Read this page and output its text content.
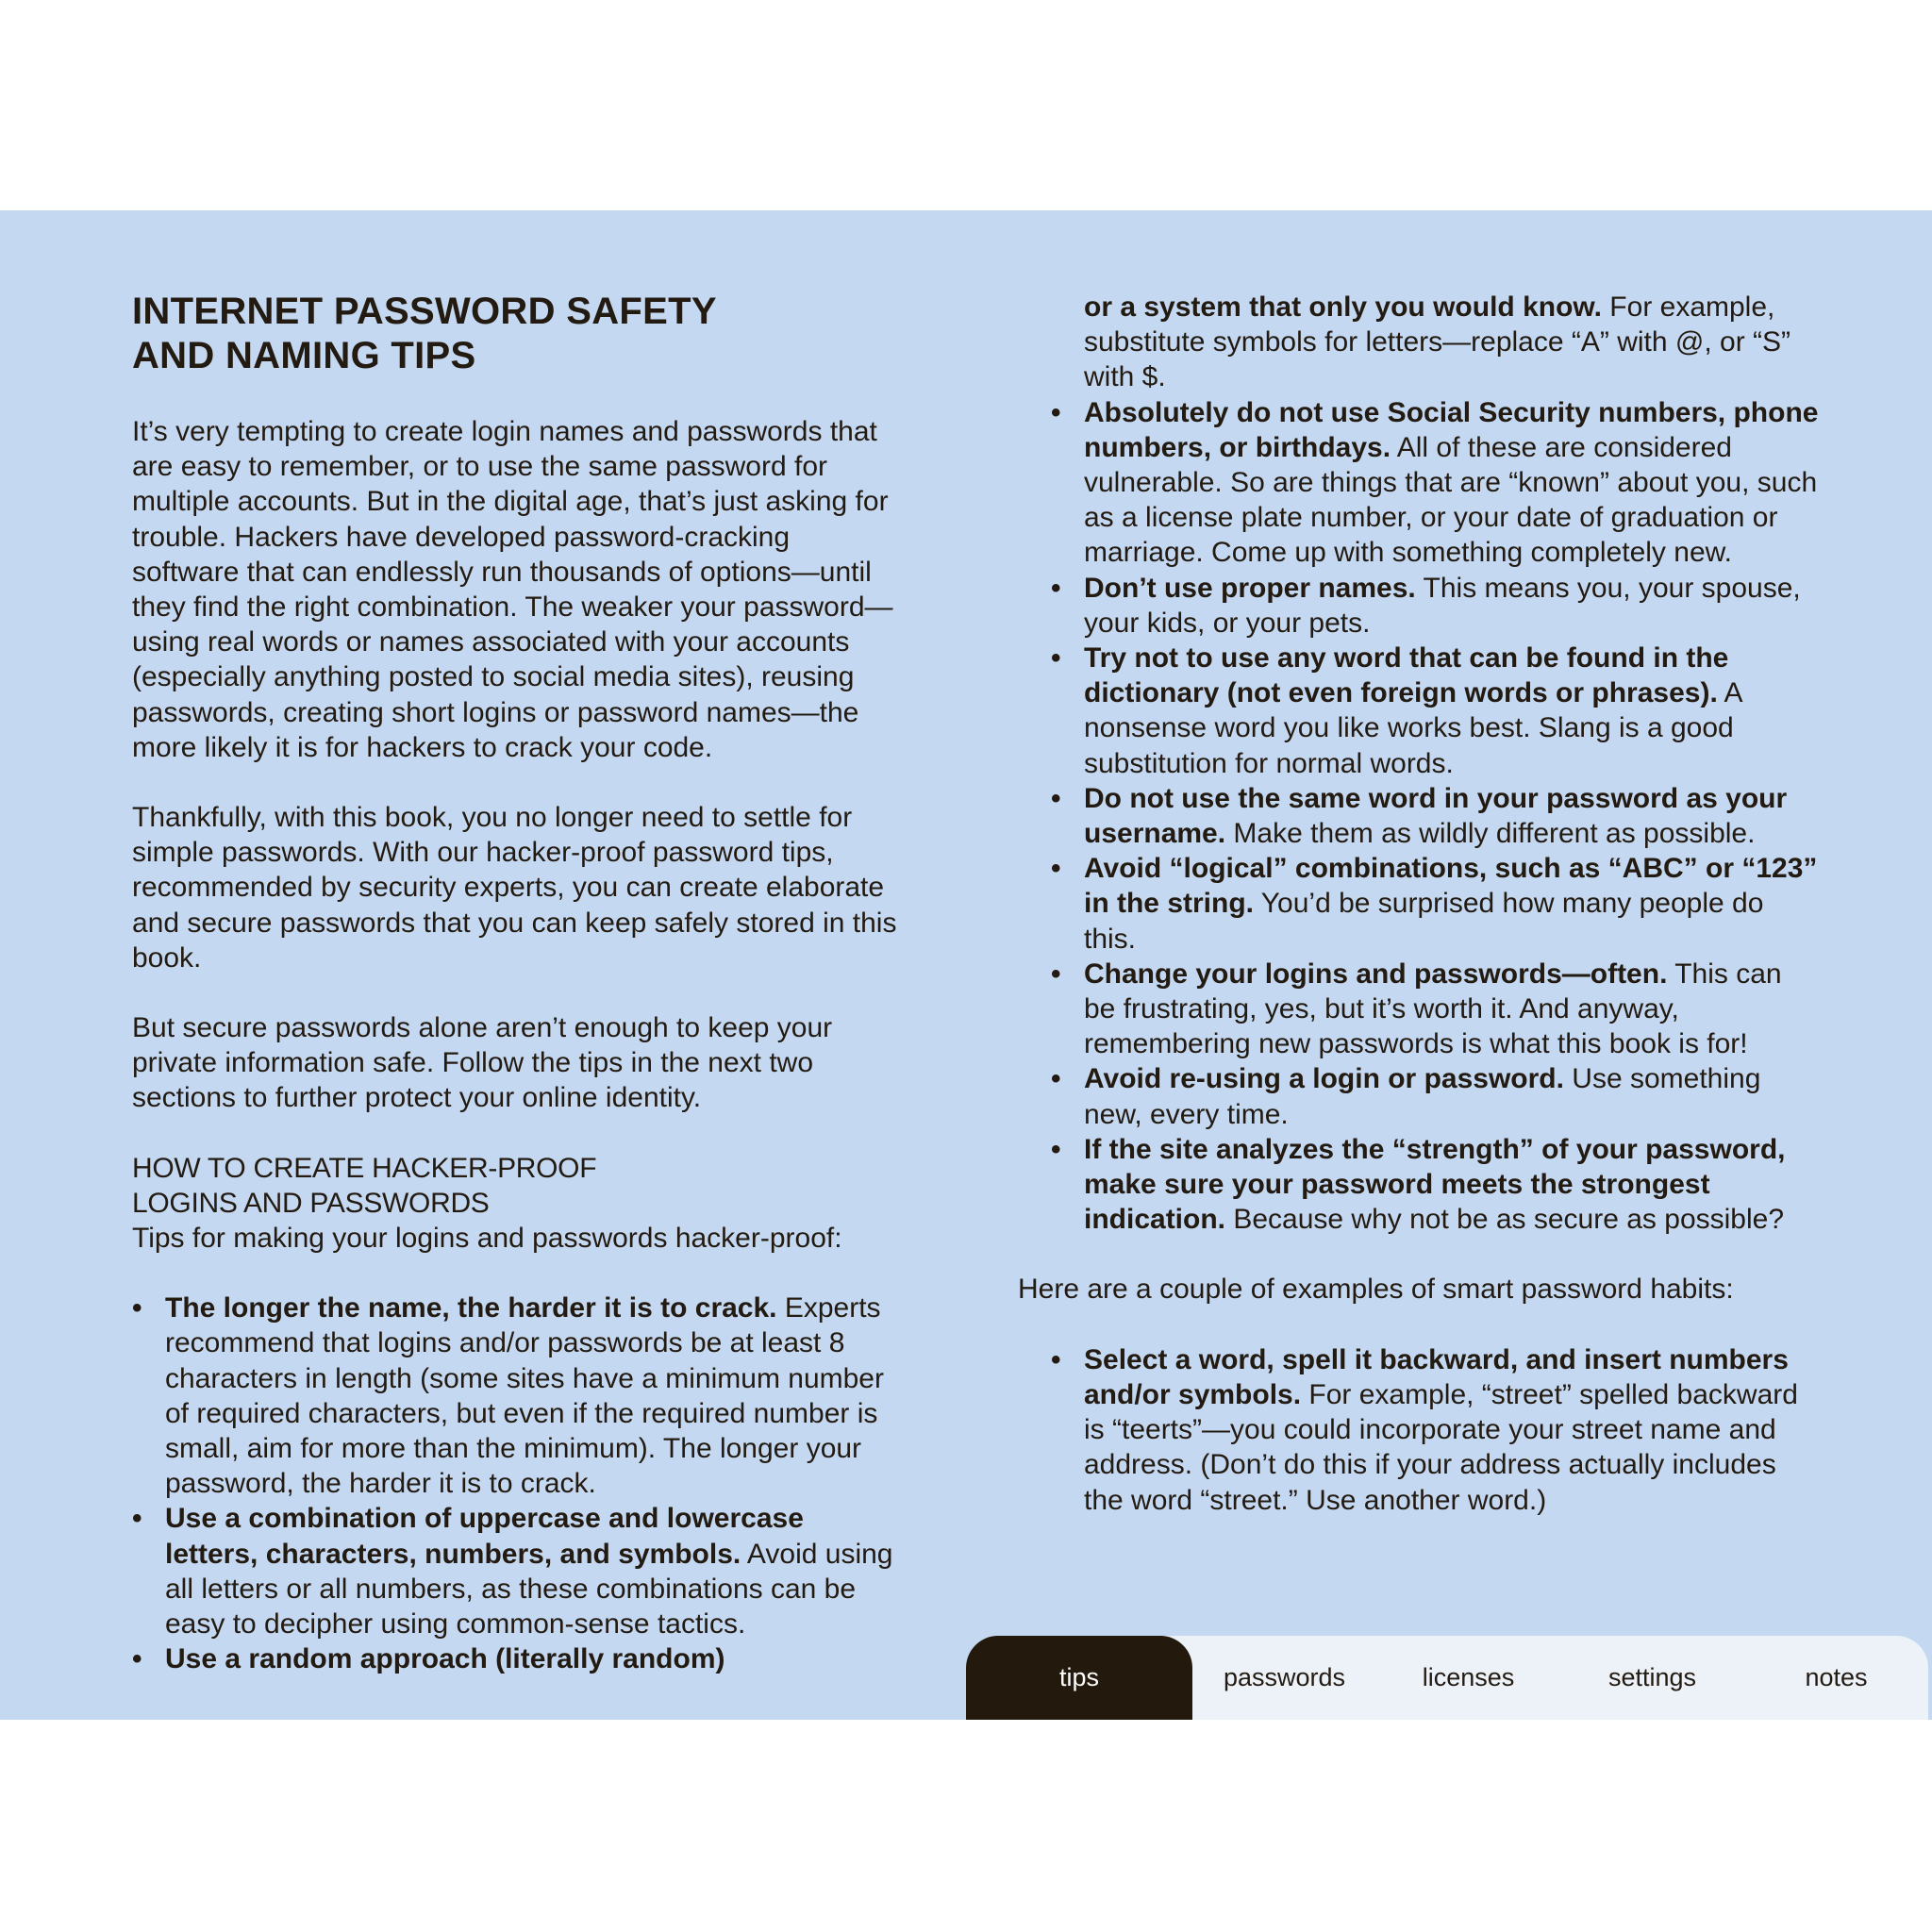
INTERNET PASSWORD SAFETY
AND NAMING TIPS

It’s very tempting to create login names and passwords that are easy to remember, or to use the same password for multiple accounts. But in the digital age, that’s just asking for trouble. Hackers have developed password-cracking software that can endlessly run thousands of options—until they find the right combination. The weaker your password—using real words or names associated with your accounts (especially anything posted to social media sites), reusing passwords, creating short logins or password names—the more likely it is for hackers to crack your code.

Thankfully, with this book, you no longer need to settle for simple passwords. With our hacker-proof password tips, recommended by security experts, you can create elaborate and secure passwords that you can keep safely stored in this book.

But secure passwords alone aren’t enough to keep your private information safe. Follow the tips in the next two sections to further protect your online identity.

HOW TO CREATE HACKER-PROOF
LOGINS AND PASSWORDS

Tips for making your logins and passwords hacker-proof:

• The longer the name, the harder it is to crack. Experts recommend that logins and/or passwords be at least 8 characters in length (some sites have a minimum number of required characters, but even if the required number is small, aim for more than the minimum). The longer your password, the harder it is to crack.
• Use a combination of uppercase and lowercase letters, characters, numbers, and symbols. Avoid using all letters or all numbers, as these combinations can be easy to decipher using common-sense tactics.
• Use a random approach (literally random)
or a system that only you would know. For example, substitute symbols for letters—replace “A” with @, or “S” with $.
• Absolutely do not use Social Security numbers, phone numbers, or birthdays. All of these are considered vulnerable. So are things that are “known” about you, such as a license plate number, or your date of graduation or marriage. Come up with something completely new.
• Don’t use proper names. This means you, your spouse, your kids, or your pets.
• Try not to use any word that can be found in the dictionary (not even foreign words or phrases). A nonsense word you like works best. Slang is a good substitution for normal words.
• Do not use the same word in your password as your username. Make them as wildly different as possible.
• Avoid “logical” combinations, such as “ABC” or “123” in the string. You’d be surprised how many people do this.
• Change your logins and passwords—often. This can be frustrating, yes, but it’s worth it. And anyway, remembering new passwords is what this book is for!
• Avoid re-using a login or password. Use something new, every time.
• If the site analyzes the “strength” of your password, make sure your password meets the strongest indication. Because why not be as secure as possible?

Here are a couple of examples of smart password habits:

• Select a word, spell it backward, and insert numbers and/or symbols. For example, “street” spelled backward is “teerts”—you could incorporate your street name and address. (Don’t do this if your address actually includes the word “street.” Use another word.)
tips	passwords	licenses	settings	notes
